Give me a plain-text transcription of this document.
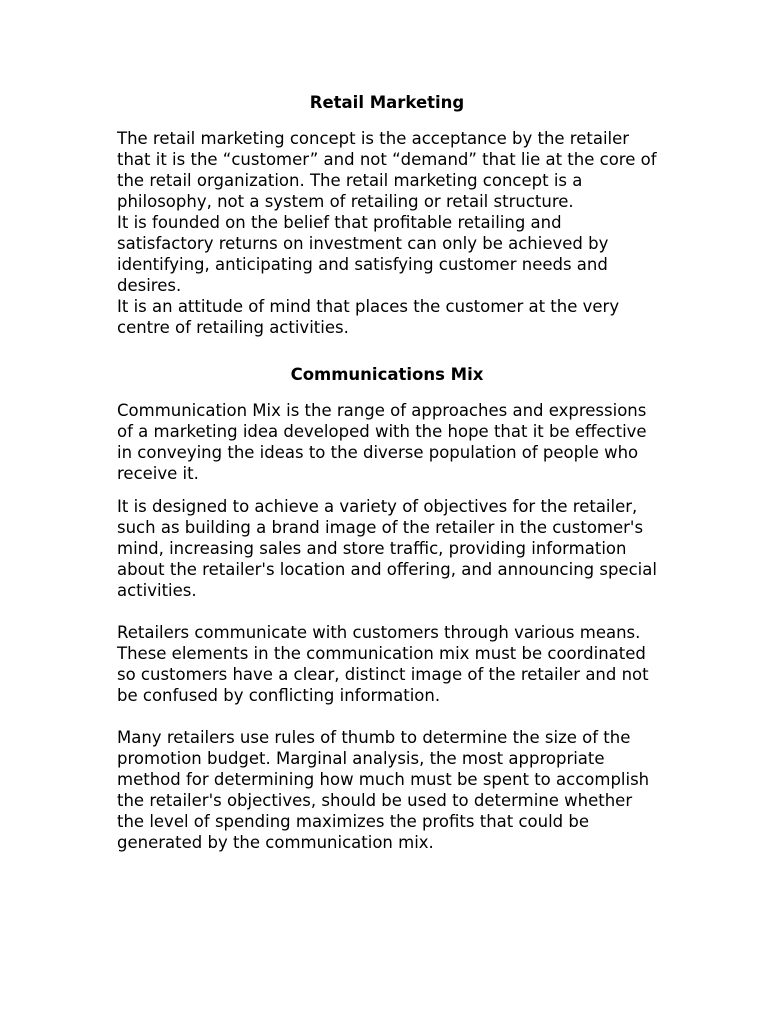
Retail Marketing

The retail marketing concept is the acceptance by the retailer that it is the “customer” and not “demand” that lie at the core of the retail organization. The retail marketing concept is a philosophy, not a system of retailing or retail structure.

It is founded on the belief that profitable retailing and satisfactory returns on investment can only be achieved by identifying, anticipating and satisfying customer needs and desires.

It is an attitude of mind that places the customer at the very centre of retailing activities.

Communications Mix

Communication Mix is the range of approaches and expressions of a marketing idea developed with the hope that it be effective in conveying the ideas to the diverse population of people who receive it.

It is designed to achieve a variety of objectives for the retailer, such as building a brand image of the retailer in the customer's mind, increasing sales and store traffic, providing information about the retailer's location and offering, and announcing special activities.

Retailers communicate with customers through various means. These elements in the communication mix must be coordinated so customers have a clear, distinct image of the retailer and not be confused by conflicting information.

Many retailers use rules of thumb to determine the size of the promotion budget. Marginal analysis, the most appropriate method for determining how much must be spent to accomplish the retailer's objectives, should be used to determine whether the level of spending maximizes the profits that could be generated by the communication mix.
